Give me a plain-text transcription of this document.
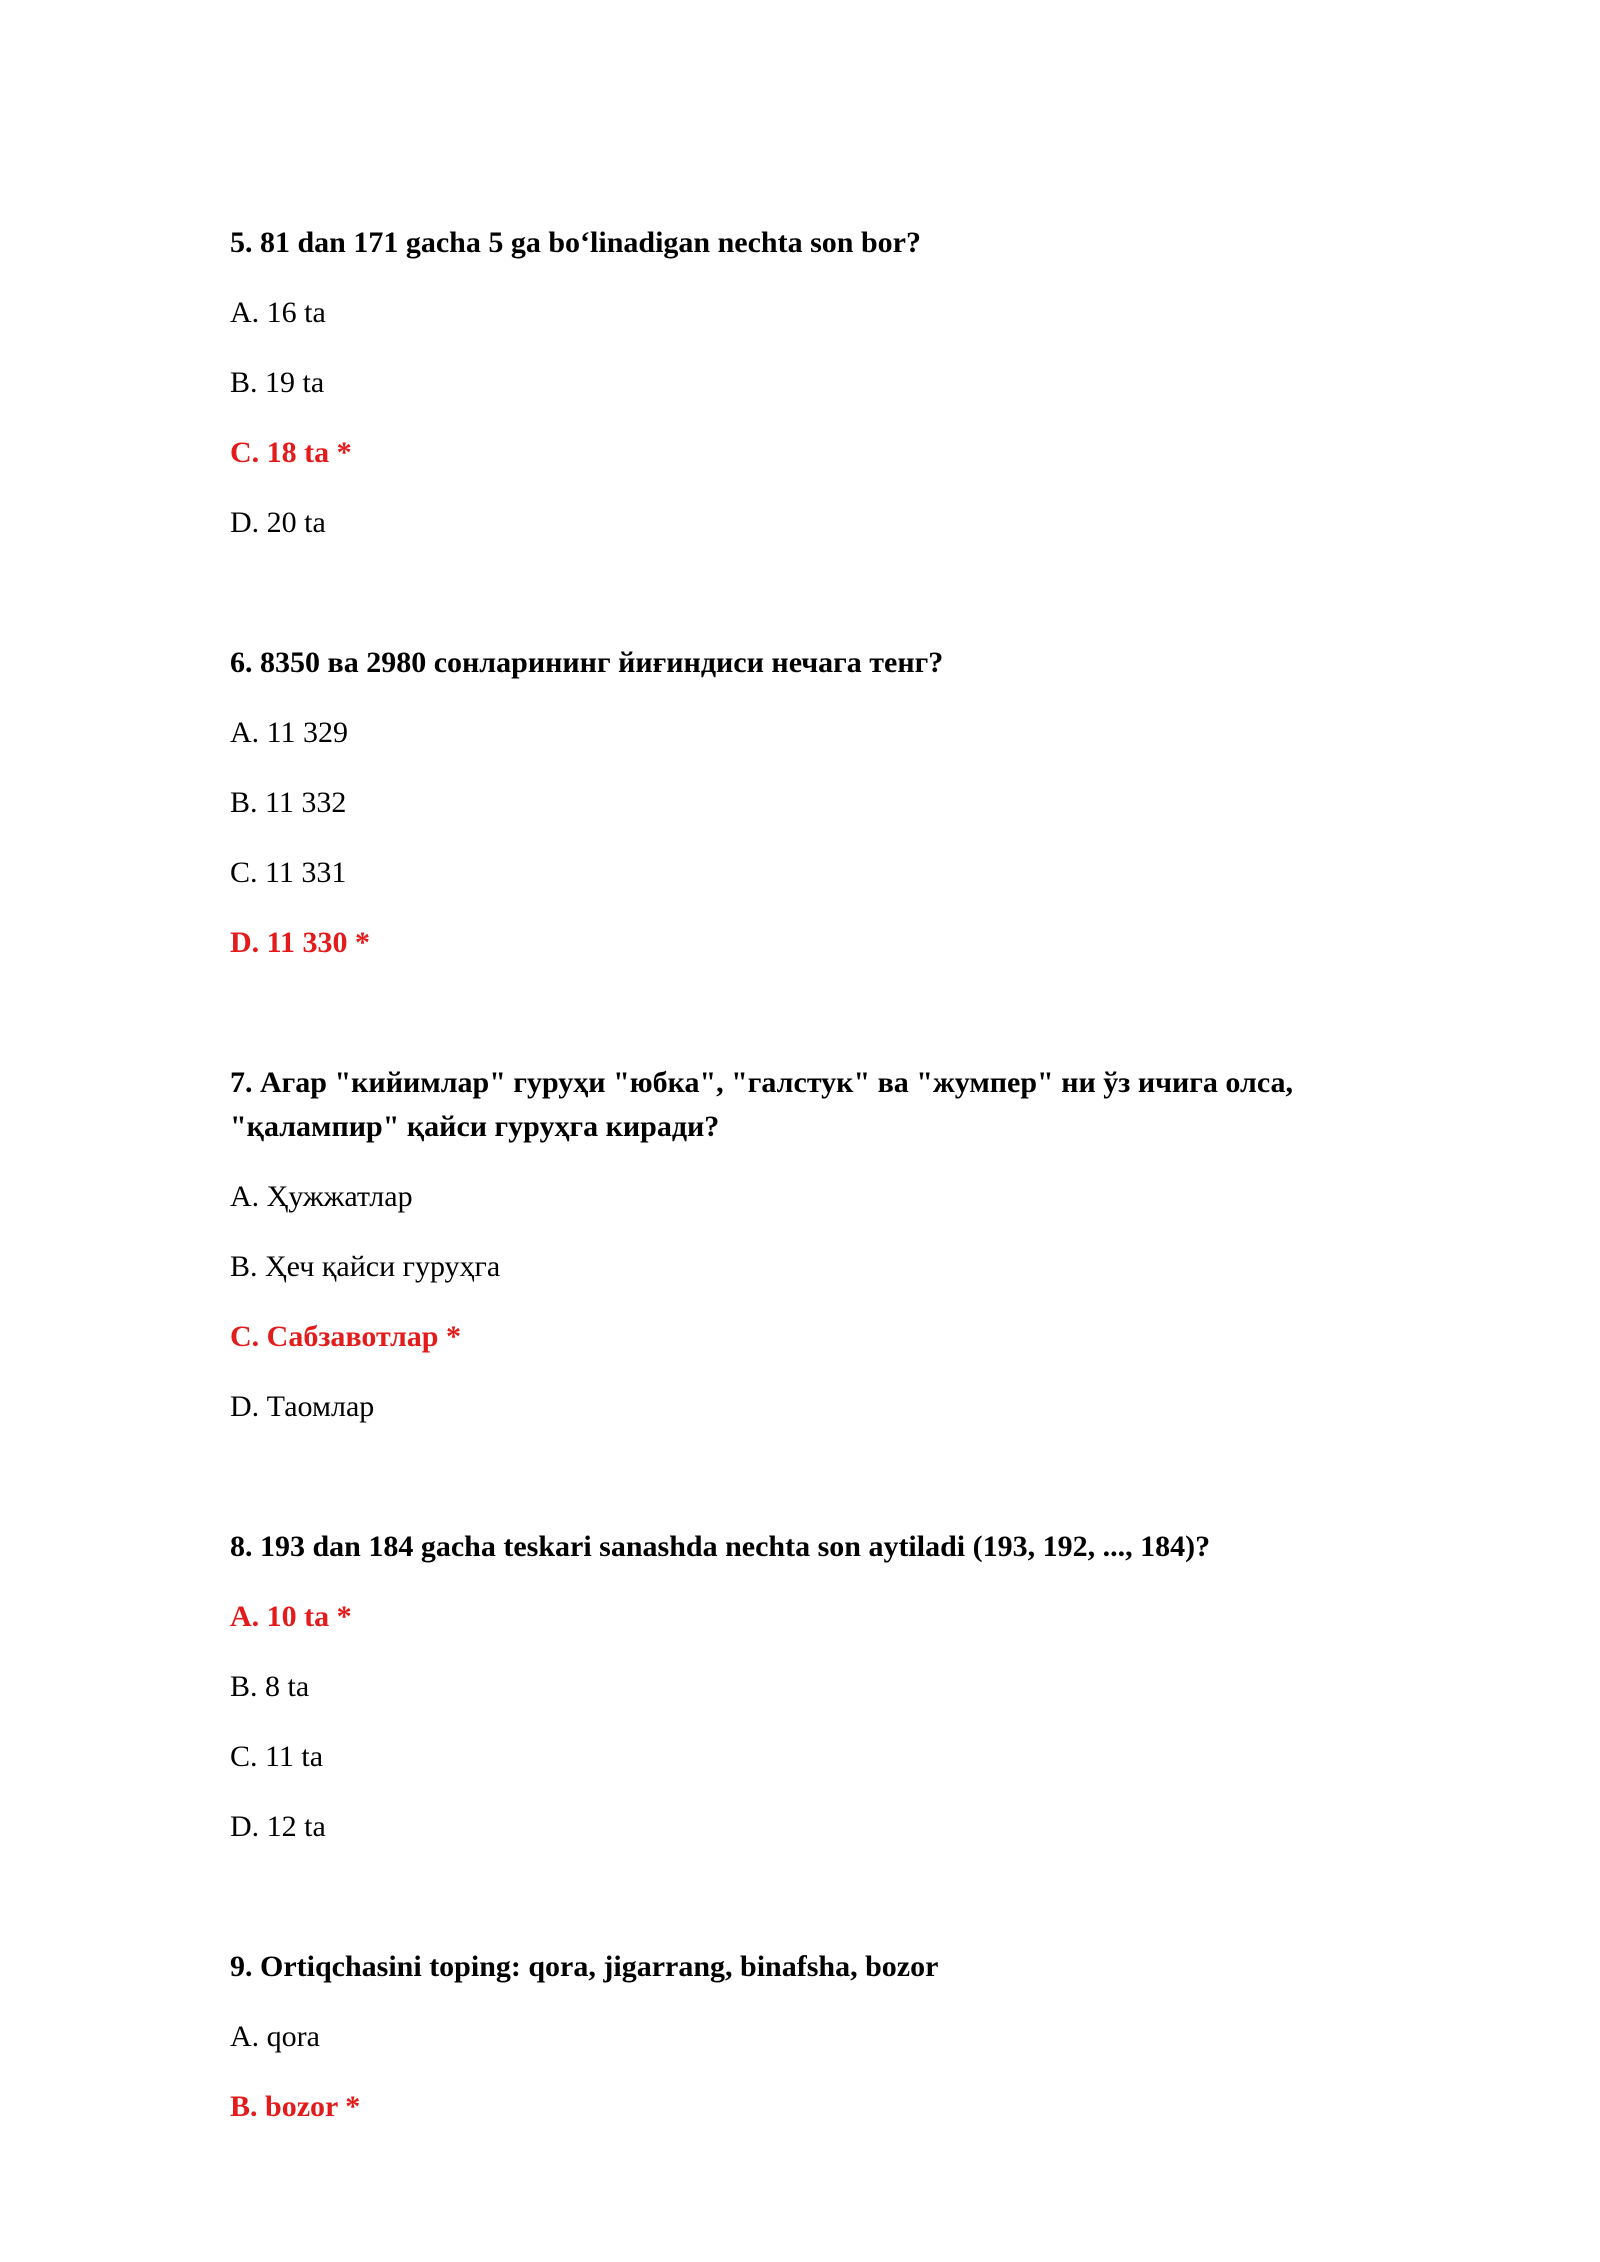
5. 81 dan 171 gacha 5 ga bo‘linadigan nechta son bor?

A. 16 ta
B. 19 ta
C. 18 ta *
D. 20 ta

6. 8350 ва 2980 сонларининг йиғиндиси нечага тенг?

A. 11 329
B. 11 332
C. 11 331
D. 11 330 *

7. Агар "кийимлар" гуруҳи "юбка", "галстук" ва "жумпер" ни ўз ичига олса, "қалампир" қайси гуруҳга киради?

A. Ҳужжатлар
B. Ҳеч қайси гуруҳга
C. Сабзавотлар *
D. Таомлар

8. 193 dan 184 gacha teskari sanashda nechta son aytiladi (193, 192, ..., 184)?

A. 10 ta *
B. 8 ta
C. 11 ta
D. 12 ta

9. Ortiqchasini toping: qora, jigarrang, binafsha, bozor

A. qora
B. bozor *
